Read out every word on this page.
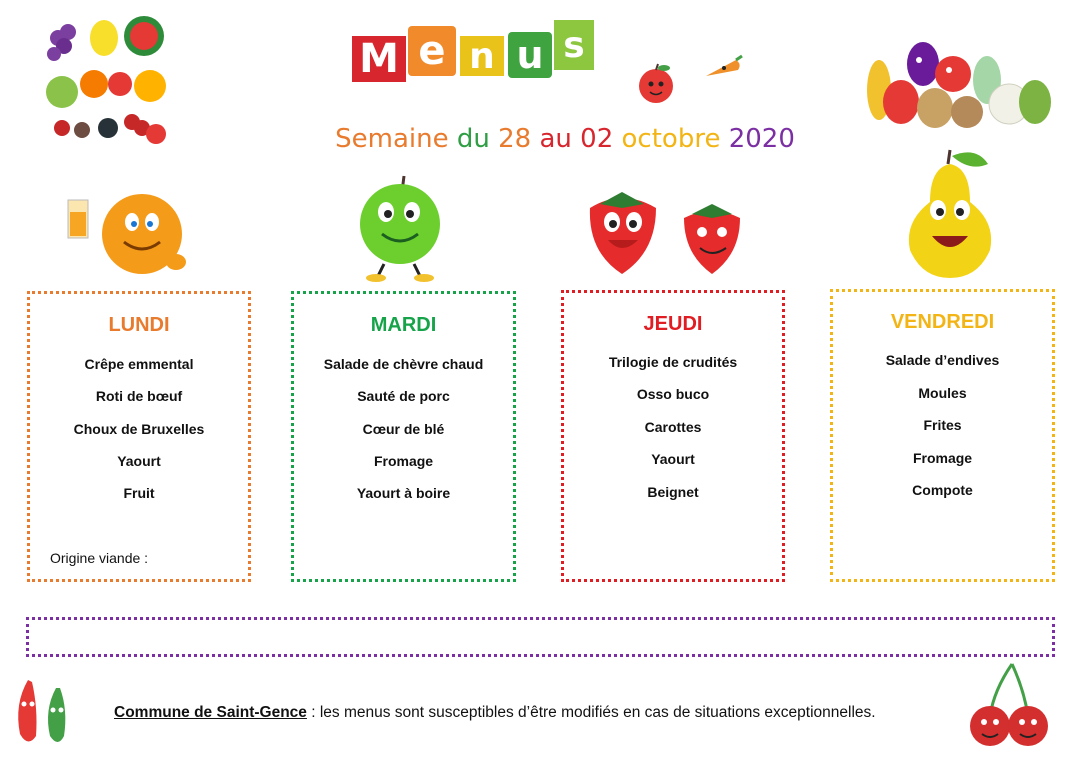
M e n u s
Semaine du 28 au 02 octobre 2020
LUNDI
Crêpe emmental
Roti de bœuf
Choux de Bruxelles
Yaourt
Fruit
Origine viande :
MARDI
Salade de chèvre chaud
Sauté de porc
Cœur de blé
Fromage
Yaourt à boire
JEUDI
Trilogie de crudités
Osso buco
Carottes
Yaourt
Beignet
VENDREDI
Salade d’endives
Moules
Frites
Fromage
Compote
Commune de Saint-Gence : les menus sont susceptibles d’être modifiés en cas de situations exceptionnelles.
